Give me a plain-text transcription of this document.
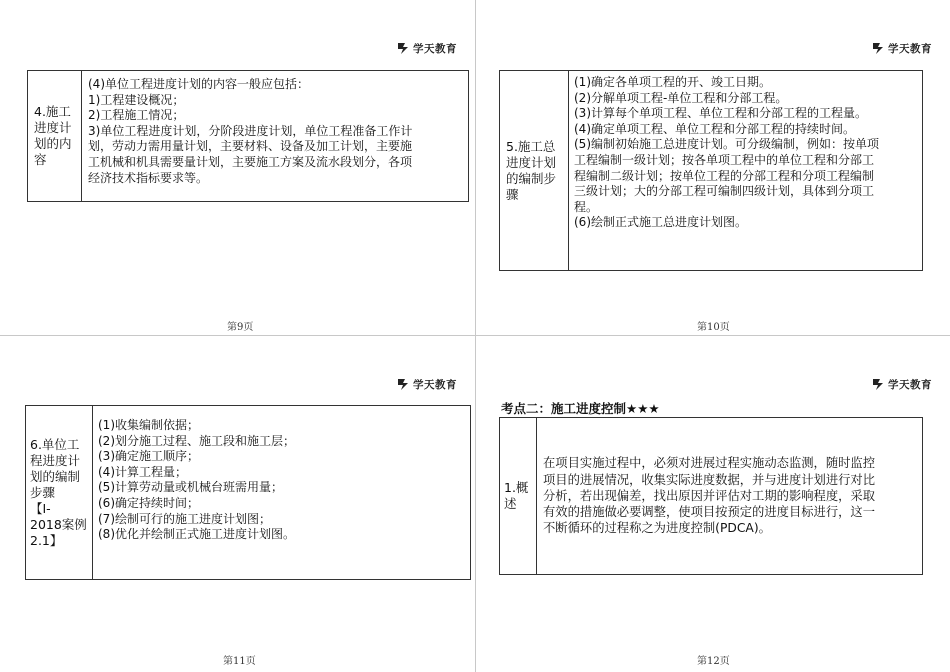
学天教育
4.施工
进度计
划的内
容

(4)单位工程进度计划的内容一般应包括：
1)工程建设概况；
2)工程施工情况；
3)单位工程进度计划，分阶段进度计划，单位工程准备工作计
划，劳动力需用量计划，主要材料、设备及加工计划，主要施
工机械和机具需要量计划，主要施工方案及流水段划分，各项
经济技术指标要求等。
第9页
学天教育
5.施工总
进度计划
的编制步
骤

(1)确定各单项工程的开、竣工日期。
(2)分解单项工程-单位工程和分部工程。
(3)计算每个单项工程、单位工程和分部工程的工程量。
(4)确定单项工程、单位工程和分部工程的持续时间。
(5)编制初始施工总进度计划。可分级编制，例如：按单项
工程编制一级计划；按各单项工程中的单位工程和分部工
程编制二级计划；按单位工程的分部工程和分项工程编制
三级计划；大的分部工程可编制四级计划，具体到分项工
程。
(6)绘制正式施工总进度计划图。
第10页
学天教育
6.单位工
程进度计
划的编制
步骤
【Ⅰ-
2018案例
2.1】

(1)收集编制依据；
(2)划分施工过程、施工段和施工层；
(3)确定施工顺序；
(4)计算工程量；
(5)计算劳动量或机械台班需用量；
(6)确定持续时间；
(7)绘制可行的施工进度计划图；
(8)优化并绘制正式施工进度计划图。
第11页
学天教育
考点二：施工进度控制★★★
1.概
述

在项目实施过程中，必须对进展过程实施动态监测，随时监控
项目的进展情况，收集实际进度数据，并与进度计划进行对比
分析，若出现偏差，找出原因并评估对工期的影响程度，采取
有效的措施做必要调整，使项目按预定的进度目标进行，这一
不断循环的过程称之为进度控制(PDCA)。
第12页
